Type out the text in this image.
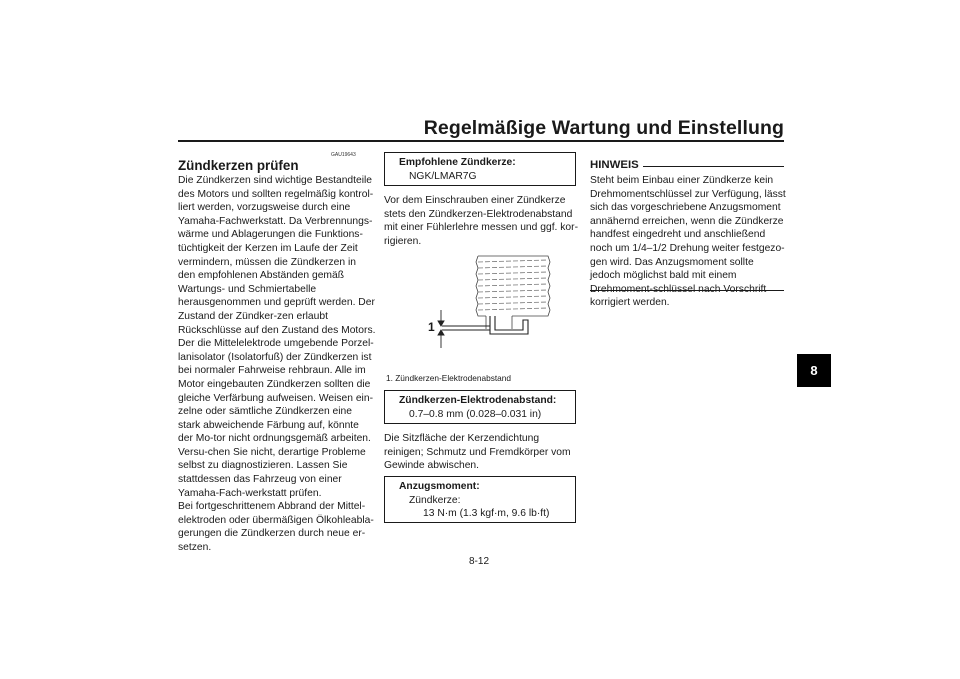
Regelmäßige Wartung und Einstellung
GAU19643
Zündkerzen prüfen

Die Zündkerzen sind wichtige Bestandteile des Motors und sollten regelmäßig kontrol-liert werden, vorzugsweise durch eine Yamaha-Fachwerkstatt. Da Verbrennungs-wärme und Ablagerungen die Funktions-tüchtigkeit der Kerzen im Laufe der Zeit vermindern, müssen die Zündkerzen in den empfohlenen Abständen gemäß Wartungs- und Schmiertabelle herausgenommen und geprüft werden. Der Zustand der Zündker-zen erlaubt Rückschlüsse auf den Zustand des Motors.

Der die Mittelelektrode umgebende Porzel-lanisolator (Isolatorfuß) der Zündkerzen ist bei normaler Fahrweise rehbraun. Alle im Motor eingebauten Zündkerzen sollten die gleiche Verfärbung aufweisen. Weisen ein-zelne oder sämtliche Zündkerzen eine stark abweichende Färbung auf, könnte der Mo-tor nicht ordnungsgemäß arbeiten. Versu-chen Sie nicht, derartige Probleme selbst zu diagnostizieren. Lassen Sie stattdessen das Fahrzeug von einer Yamaha-Fach-werkstatt prüfen.

Bei fortgeschrittenem Abbrand der Mittel-elektroden oder übermäßigen Ölkohleabla-gerungen die Zündkerzen durch neue er-setzen.

Empfohlene Zündkerze:
NGK/LMAR7G
Vor dem Einschrauben einer Zündkerze stets den Zündkerzen-Elektrodenabstand mit einer Fühlerlehre messen und ggf. kor-rigieren.
1
1. Zündkerzen-Elektrodenabstand
Zündkerzen-Elektrodenabstand:
0.7–0.8 mm (0.028–0.031 in)
Die Sitzfläche der Kerzendichtung reinigen; Schmutz und Fremdkörper vom Gewinde abwischen.
Anzugsmoment:
Zündkerze:
13 N·m (1.3 kgf·m, 9.6 lb·ft)
HINWEIS
Steht beim Einbau einer Zündkerze kein Drehmomentschlüssel zur Verfügung, lässt sich das vorgeschriebene Anzugsmoment annähernd erreichen, wenn die Zündkerze handfest eingedreht und anschließend noch um 1/4–1/2 Drehung weiter festgezo-gen wird. Das Anzugsmoment sollte jedoch möglichst bald mit einem korrigiert werden.
8
8-12
